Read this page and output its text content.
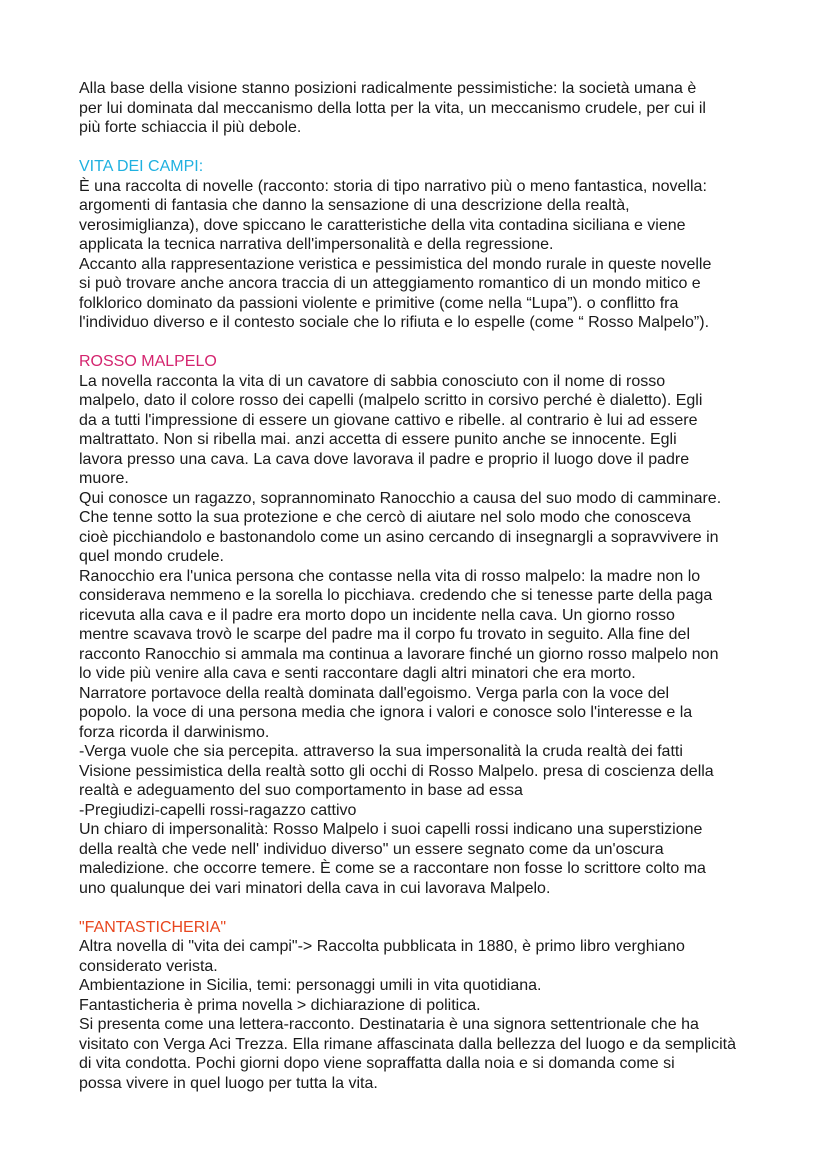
Alla base della visione stanno posizioni radicalmente pessimistiche: la società umana è
per lui dominata dal meccanismo della lotta per la vita, un meccanismo crudele, per cui il
più forte schiaccia il più debole.
VITA DEI CAMPI:
È una raccolta di novelle (racconto: storia di tipo narrativo più o meno fantastica, novella:
argomenti di fantasia che danno la sensazione di una descrizione della realtà,
verosimiglianza), dove spiccano le caratteristiche della vita contadina siciliana e viene
applicata la tecnica narrativa dell'impersonalità e della regressione.
Accanto alla rappresentazione veristica e pessimistica del mondo rurale in queste novelle
si può trovare anche ancora traccia di un atteggiamento romantico di un mondo mitico e
folklorico dominato da passioni violente e primitive (come nella “Lupa”). o conflitto fra
l'individuo diverso e il contesto sociale che lo rifiuta e lo espelle (come “ Rosso Malpelo”).
ROSSO MALPELO
La novella racconta la vita di un cavatore di sabbia conosciuto con il nome di rosso
malpelo, dato il colore rosso dei capelli (malpelo scritto in corsivo perché è dialetto). Egli
da a tutti l'impressione di essere un giovane cattivo e ribelle. al contrario è lui ad essere
maltrattato. Non si ribella mai. anzi accetta di essere punito anche se innocente. Egli
lavora presso una cava. La cava dove lavorava il padre e proprio il luogo dove il padre
muore.
Qui conosce un ragazzo, soprannominato Ranocchio a causa del suo modo di camminare.
Che tenne sotto la sua protezione e che cercò di aiutare nel solo modo che conosceva
cioè picchiandolo e bastonandolo come un asino cercando di insegnargli a sopravvivere in
quel mondo crudele.
Ranocchio era l'unica persona che contasse nella vita di rosso malpelo: la madre non lo
considerava nemmeno e la sorella lo picchiava. credendo che si tenesse parte della paga
ricevuta alla cava e il padre era morto dopo un incidente nella cava. Un giorno rosso
mentre scavava trovò le scarpe del padre ma il corpo fu trovato in seguito. Alla fine del
racconto Ranocchio si ammala ma continua a lavorare finché un giorno rosso malpelo non
lo vide più venire alla cava e senti raccontare dagli altri minatori che era morto.
Narratore portavoce della realtà dominata dall'egoismo. Verga parla con la voce del
popolo. la voce di una persona media che ignora i valori e conosce solo l'interesse e la
forza ricorda il darwinismo.
-Verga vuole che sia percepita. attraverso la sua impersonalità la cruda realtà dei fatti
Visione pessimistica della realtà sotto gli occhi di Rosso Malpelo. presa di coscienza della
realtà e adeguamento del suo comportamento in base ad essa
-Pregiudizi-capelli rossi-ragazzo cattivo
Un chiaro di impersonalità: Rosso Malpelo i suoi capelli rossi indicano una superstizione
della realtà che vede nell' individuo diverso" un essere segnato come da un'oscura
maledizione. che occorre temere. È come se a raccontare non fosse lo scrittore colto ma
uno qualunque dei vari minatori della cava in cui lavorava Malpelo.
"FANTASTICHERIA"
Altra novella di "vita dei campi"-> Raccolta pubblicata in 1880, è primo libro verghiano
considerato verista.
Ambientazione in Sicilia, temi: personaggi umili in vita quotidiana.
Fantasticheria è prima novella > dichiarazione di politica.
Si presenta come una lettera-racconto. Destinataria è una signora settentrionale che ha
visitato con Verga Aci Trezza. Ella rimane affascinata dalla bellezza del luogo e da semplicità
di vita condotta. Pochi giorni dopo viene sopraffatta dalla noia e si domanda come si
possa vivere in quel luogo per tutta la vita.
